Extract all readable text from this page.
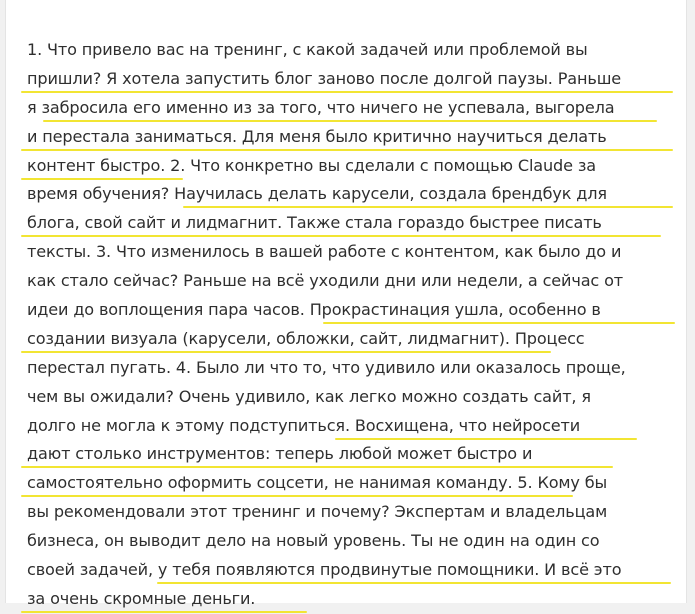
1. Что привело вас на тренинг, с какой задачей или проблемой вы
пришли? Я хотела запустить блог заново после долгой паузы. Раньше
я забросила его именно из за того, что ничего не успевала, выгорела
и перестала заниматься. Для меня было критично научиться делать
контент быстро. 2. Что конкретно вы сделали с помощью Claude за
время обучения? Научилась делать карусели, создала брендбук для
блога, свой сайт и лидмагнит. Также стала гораздо быстрее писать
тексты. 3. Что изменилось в вашей работе с контентом, как было до и
как стало сейчас? Раньше на всё уходили дни или недели, а сейчас от
идеи до воплощения пара часов. Прокрастинация ушла, особенно в
создании визуала (карусели, обложки, сайт, лидмагнит). Процесс
перестал пугать. 4. Было ли что то, что удивило или оказалось проще,
чем вы ожидали? Очень удивило, как легко можно создать сайт, я
долго не могла к этому подступиться. Восхищена, что нейросети
дают столько инструментов: теперь любой может быстро и
самостоятельно оформить соцсети, не нанимая команду. 5. Кому бы
вы рекомендовали этот тренинг и почему? Экспертам и владельцам
бизнеса, он выводит дело на новый уровень. Ты не один на один со
своей задачей, у тебя появляются продвинутые помощники. И всё это
за очень скромные деньги.
